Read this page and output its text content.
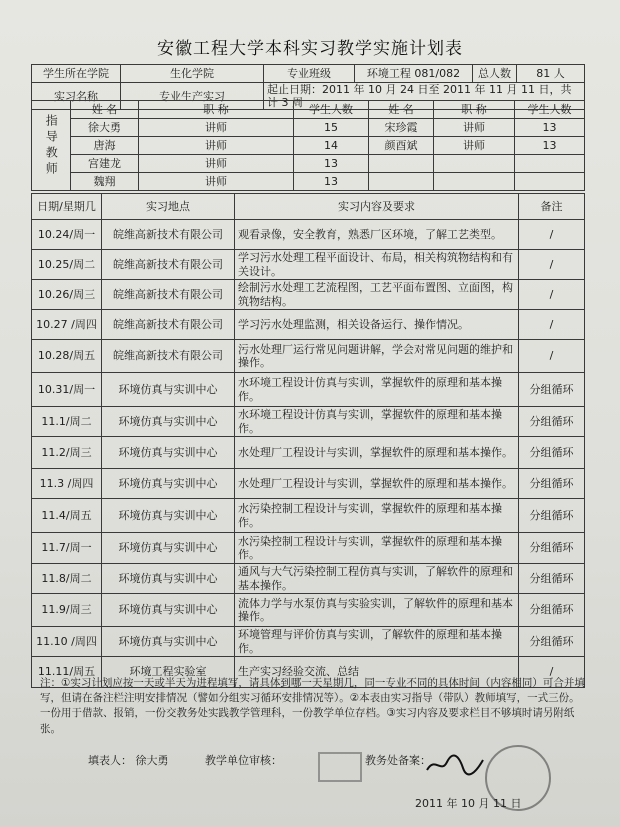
安徽工程大学本科实习教学实施计划表
学生所在学院	生化学院	专业班级	环境工程 081/082	总人数	81 人
实习名称	专业生产实习	起止日期：2011 年 10 月 24 日至 2011 年 11 月 11 日，共计 3 周			
指导教师	姓 名	职 称	学生人数	姓 名	职 称	学生人数
	徐大勇	讲师	15	宋珍霞	讲师	13
	唐海	讲师	14	颜酉斌	讲师	13
	宫建龙	讲师	13			
	魏翔	讲师	13			
日期/星期几	实习地点	实习内容及要求	备注
10.24/周一	皖维高新技术有限公司	观看录像，安全教育，熟悉厂区环境，了解工艺类型。	/
10.25/周二	皖维高新技术有限公司	学习污水处理工程平面设计、布局，相关构筑物结构和有关设计。	/
10.26/周三	皖维高新技术有限公司	绘制污水处理工艺流程图，工艺平面布置图、立面图，构筑物结构。	/
10.27 /周四	皖维高新技术有限公司	学习污水处理监测，相关设备运行、操作情况。	/
10.28/周五	皖维高新技术有限公司	污水处理厂运行常见问题讲解，学会对常见问题的维护和操作。	/
10.31/周一	环境仿真与实训中心	水环境工程设计仿真与实训，掌握软件的原理和基本操作。	分组循环
11.1/周二	环境仿真与实训中心	水环境工程设计仿真与实训，掌握软件的原理和基本操作。	分组循环
11.2/周三	环境仿真与实训中心	水处理厂工程设计与实训，掌握软件的原理和基本操作。	分组循环
11.3 /周四	环境仿真与实训中心	水处理厂工程设计与实训，掌握软件的原理和基本操作。	分组循环
11.4/周五	环境仿真与实训中心	水污染控制工程设计与实训，掌握软件的原理和基本操作。	分组循环
11.7/周一	环境仿真与实训中心	水污染控制工程设计与实训，掌握软件的原理和基本操作。	分组循环
11.8/周二	环境仿真与实训中心	通风与大气污染控制工程仿真与实训，了解软件的原理和基本操作。	分组循环
11.9/周三	环境仿真与实训中心	流体力学与水泵仿真与实验实训，了解软件的原理和基本操作。	分组循环
11.10 /周四	环境仿真与实训中心	环境管理与评价仿真与实训，了解软件的原理和基本操作。	分组循环
11.11/周五	环境工程实验室	生产实习经验交流、总结	/
注：①实习计划应按一天或半天为进程填写，请具体到哪一天星期几，同一专业不同的具体时间（内容相同）可合并填写，但请在备注栏注明安排情况（譬如分组实习循环安排情况等）。②本表由实习指导（带队）教师填写，一式三份。一份用于借款、报销，一份交教务处实践教学管理科，一份教学单位存档。③实习内容及要求栏目不够填时请另附纸张。
填表人： 徐大勇	教学单位审核：	教务处备案：
2011 年 10 月 11 日
